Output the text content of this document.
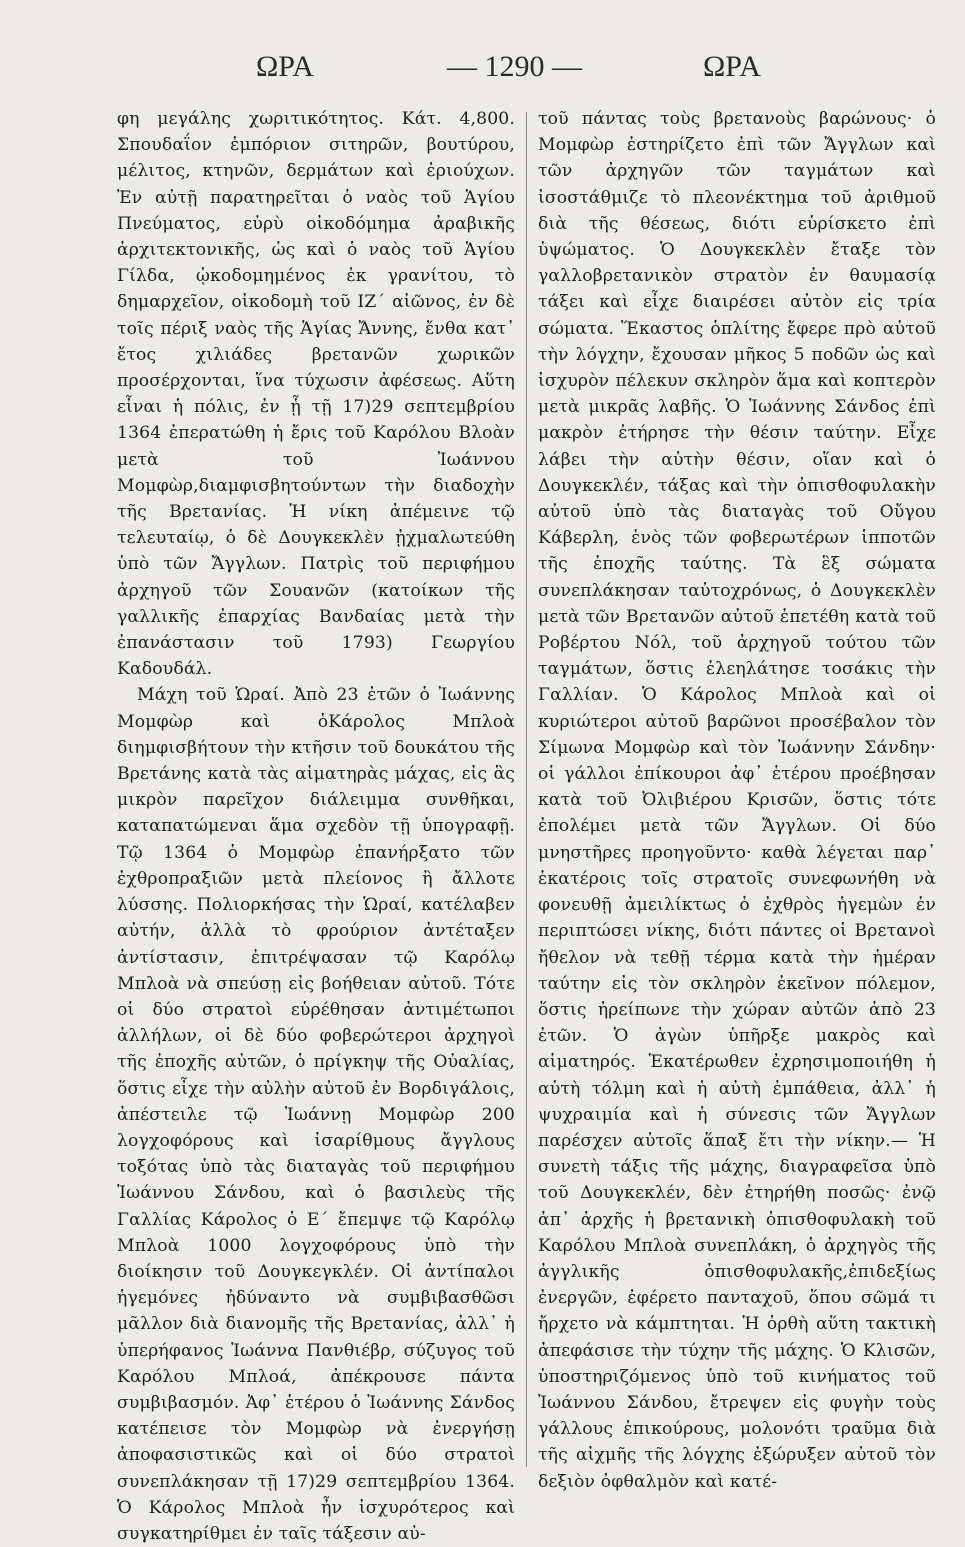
ΩΡΑ	— 1290 —	ΩΡΑ

φη μεγάλης χωριτικότητος. Κάτ. 4,800. Σπουδαΐον ἐμπόριον σιτηρῶν, βουτύρου, μέλιτος, κτηνῶν, δερμάτων καὶ ἐριούχων. Ἐν αὐτῇ παρατηρεῖται ὁ ναὸς τοῦ Ἁγίου Πνεύματος, εὐρὺ οἰκοδόμημα ἀραβικῆς ἀρχιτεκτονικῆς, ὡς καὶ ὁ ναὸς τοῦ Ἁγίου Γίλδα, ᾠκοδομημένος ἐκ γρανίτου, τὸ δημαρχεῖον, οἰκοδομὴ τοῦ ΙΖ΄ αἰῶνος, ἐν δὲ τοῖς πέριξ ναὸς τῆς Ἁγίας Ἄννης, ἔνθα κατ᾽ ἔτος χιλιάδες βρετανῶν χωρικῶν προσέρχονται, ἵνα τύχωσιν ἀφέσεως. Αὕτη εἶναι ἡ πόλις, ἐν ᾗ τῇ 17)29 σεπτεμβρίου 1364 ἐπερατώθη ἡ ἔρις τοῦ Καρόλου Βλοὰν μετὰ τοῦ Ἰωάννου Μομφὼρ,διαμφισβητούντων τὴν διαδοχὴν τῆς Βρετανίας. Ἡ νίκη ἀπέμεινε τῷ τελευταίῳ, ὁ δὲ Δουγκεκλὲν ᾐχμαλωτεύθη ὑπὸ τῶν Ἄγγλων. Πατρὶς τοῦ περιφήμου ἀρχηγοῦ τῶν Σουανῶν (κατοίκων τῆς γαλλικῆς ἐπαρχίας Βανδαίας μετὰ τὴν ἐπανάστασιν τοῦ 1793) Γεωργίου Καδουδάλ.

Μάχη τοῦ Ὡραί. Ἀπὸ 23 ἐτῶν ὁ Ἰωάννης Μομφὼρ καὶ ὁΚάρολος Μπλοὰ διημφισβήτουν τὴν κτῆσιν τοῦ δουκάτου τῆς Βρετάνης κατὰ τὰς αἱματηρὰς μάχας, εἰς ἃς μικρὸν παρεῖχον διάλειμμα συνθῆκαι, καταπατώμεναι ἅμα σχεδὸν τῇ ὑπογραφῇ. Τῷ 1364 ὁ Μομφὼρ ἐπανήρξατο τῶν ἐχθροπραξιῶν μετὰ πλείονος ἢ ἄλλοτε λύσσης. Πολιορκήσας τὴν Ὡραί, κατέλαβεν αὐτήν, ἀλλὰ τὸ φρούριον ἀντέταξεν ἀντίστασιν, ἐπιτρέψασαν τῷ Καρόλῳ Μπλοὰ νὰ σπεύσῃ εἰς βοήθειαν αὐτοῦ. Τότε οἱ δύο στρατοὶ εὑρέθησαν ἀντιμέτωποι ἀλλήλων, οἱ δὲ δύο φοβερώτεροι ἀρχηγοὶ τῆς ἐποχῆς αὐτῶν, ὁ πρίγκηψ τῆς Οὐαλίας, ὅστις εἶχε τὴν αὐλὴν αὐτοῦ ἐν Βορδιγάλοις, ἀπέστειλε τῷ Ἰωάννῃ Μομφὼρ 200 λογχοφόρους καὶ ἰσαρίθμους ἄγγλους τοξότας ὑπὸ τὰς διαταγὰς τοῦ περιφήμου Ἰωάννου Σάνδου, καὶ ὁ βασιλεὺς τῆς Γαλλίας Κάρολος ὁ Ε΄ ἔπεμψε τῷ Καρόλῳ Μπλοὰ 1000 λογχοφόρους ὑπὸ τὴν διοίκησιν τοῦ Δουγκεγκλέν. Οἱ ἀντίπαλοι ἡγεμόνες ἠδύναντο νὰ συμβιβασθῶσι μᾶλλον διὰ διανομῆς τῆς Βρετανίας, ἀλλ᾽ ἡ ὑπερήφανος Ἰωάννα Πανθιέβρ, σύζυγος τοῦ Καρόλου Μπλοά, ἀπέκρουσε πάντα συμβιβασμόν. Ἀφ᾽ ἑτέρου ὁ Ἰωάννης Σάνδος κατέπεισε τὸν Μομφὼρ νὰ ἐνεργήσῃ ἀποφασιστικῶς καὶ οἱ δύο στρατοὶ συνεπλάκησαν τῇ 17)29 σεπτεμβρίου 1364. Ὁ Κάρολος Μπλοὰ ἦν ἰσχυρότερος καὶ συγκατηρίθμει ἐν ταῖς τάξεσιν αὐ-

τοῦ πάντας τοὺς βρετανοὺς βαρώνους· ὁ Μομφὼρ ἐστηρίζετο ἐπὶ τῶν Ἄγγλων καὶ τῶν ἀρχηγῶν τῶν ταγμάτων καὶ ἰσοστάθμιζε τὸ πλεονέκτημα τοῦ ἀριθμοῦ διὰ τῆς θέσεως, διότι εὑρίσκετο ἐπὶ ὑψώματος. Ὁ Δουγκεκλὲν ἔταξε τὸν γαλλοβρετανικὸν στρατὸν ἐν θαυμασίᾳ τάξει καὶ εἶχε διαιρέσει αὐτὸν εἰς τρία σώματα. Ἕκαστος ὁπλίτης ἔφερε πρὸ αὐτοῦ τὴν λόγχην, ἔχουσαν μῆκος 5 ποδῶν ὡς καὶ ἰσχυρὸν πέλεκυν σκληρὸν ἅμα καὶ κοπτερὸν μετὰ μικρᾶς λαβῆς. Ὁ Ἰωάννης Σάνδος ἐπὶ μακρὸν ἐτήρησε τὴν θέσιν ταύτην. Εἶχε λάβει τὴν αὐτὴν θέσιν, οἵαν καὶ ὁ Δουγκεκλέν, τάξας καὶ τὴν ὀπισθοφυλακὴν αὐτοῦ ὑπὸ τὰς διαταγὰς τοῦ Οὔγου Κάβερλη, ἑνὸς τῶν φοβερωτέρων ἱπποτῶν τῆς ἐποχῆς ταύτης. Τὰ ἓξ σώματα συνεπλάκησαν ταὐτοχρόνως, ὁ Δουγκεκλὲν μετὰ τῶν Βρετανῶν αὐτοῦ ἐπετέθη κατὰ τοῦ Ροβέρτου Νόλ, τοῦ ἀρχηγοῦ τούτου τῶν ταγμάτων, ὅστις ἐλεηλάτησε τοσάκις τὴν Γαλλίαν. Ὁ Κάρολος Μπλοὰ καὶ οἱ κυριώτεροι αὐτοῦ βαρῶνοι προσέβαλον τὸν Σίμωνα Μομφὼρ καὶ τὸν Ἰωάννην Σάνδην· οἱ γάλλοι ἐπίκουροι ἀφ᾽ ἑτέρου προέβησαν κατὰ τοῦ Ὀλιβιέρου Κρισῶν, ὅστις τότε ἐπολέμει μετὰ τῶν Ἄγγλων. Οἱ δύο μνηστῆρες προηγοῦντο· καθὰ λέγεται παρ᾽ ἑκατέροις τοῖς στρατοῖς συνεφωνήθη νὰ φονευθῇ ἀμειλίκτως ὁ ἐχθρὸς ἡγεμὼν ἐν περιπτώσει νίκης, διότι πάντες οἱ Βρετανοὶ ἤθελον νὰ τεθῇ τέρμα κατὰ τὴν ἡμέραν ταύτην εἰς τὸν σκληρὸν ἐκεῖνον πόλεμον, ὅστις ἠρείπωνε τὴν χώραν αὐτῶν ἀπὸ 23 ἐτῶν. Ὁ ἀγὼν ὑπῆρξε μακρὸς καὶ αἱματηρός. Ἑκατέρωθεν ἐχρησιμοποιήθη ἡ αὐτὴ τόλμη καὶ ἡ αὐτὴ ἐμπάθεια, ἀλλ᾽ ἡ ψυχραιμία καὶ ἡ σύνεσις τῶν Ἄγγλων παρέσχεν αὐτοῖς ἅπαξ ἔτι τὴν νίκην.— Ἡ συνετὴ τάξις τῆς μάχης, διαγραφεῖσα ὑπὸ τοῦ Δουγκεκλέν, δὲν ἐτηρήθη ποσῶς· ἐνῷ ἀπ᾽ ἀρχῆς ἡ βρετανικὴ ὀπισθοφυλακὴ τοῦ Καρόλου Μπλοὰ συνεπλάκη, ὁ ἀρχηγὸς τῆς ἀγγλικῆς ὀπισθοφυλακῆς,ἐπιδεξίως ἐνεργῶν, ἐφέρετο πανταχοῦ, ὅπου σῶμά τι ἤρχετο νὰ κάμπτηται. Ἡ ὀρθὴ αὕτη τακτικὴ ἀπεφάσισε τὴν τύχην τῆς μάχης. Ὁ Κλισῶν, ὑποστηριζόμενος ὑπὸ τοῦ κινήματος τοῦ Ἰωάννου Σάνδου, ἔτρεψεν εἰς φυγὴν τοὺς γάλλους ἐπικούρους, μολονότι τραῦμα διὰ τῆς αἰχμῆς τῆς λόγχης ἐξώρυξεν αὐτοῦ τὸν δεξιὸν ὀφθαλμὸν καὶ κατέ-
